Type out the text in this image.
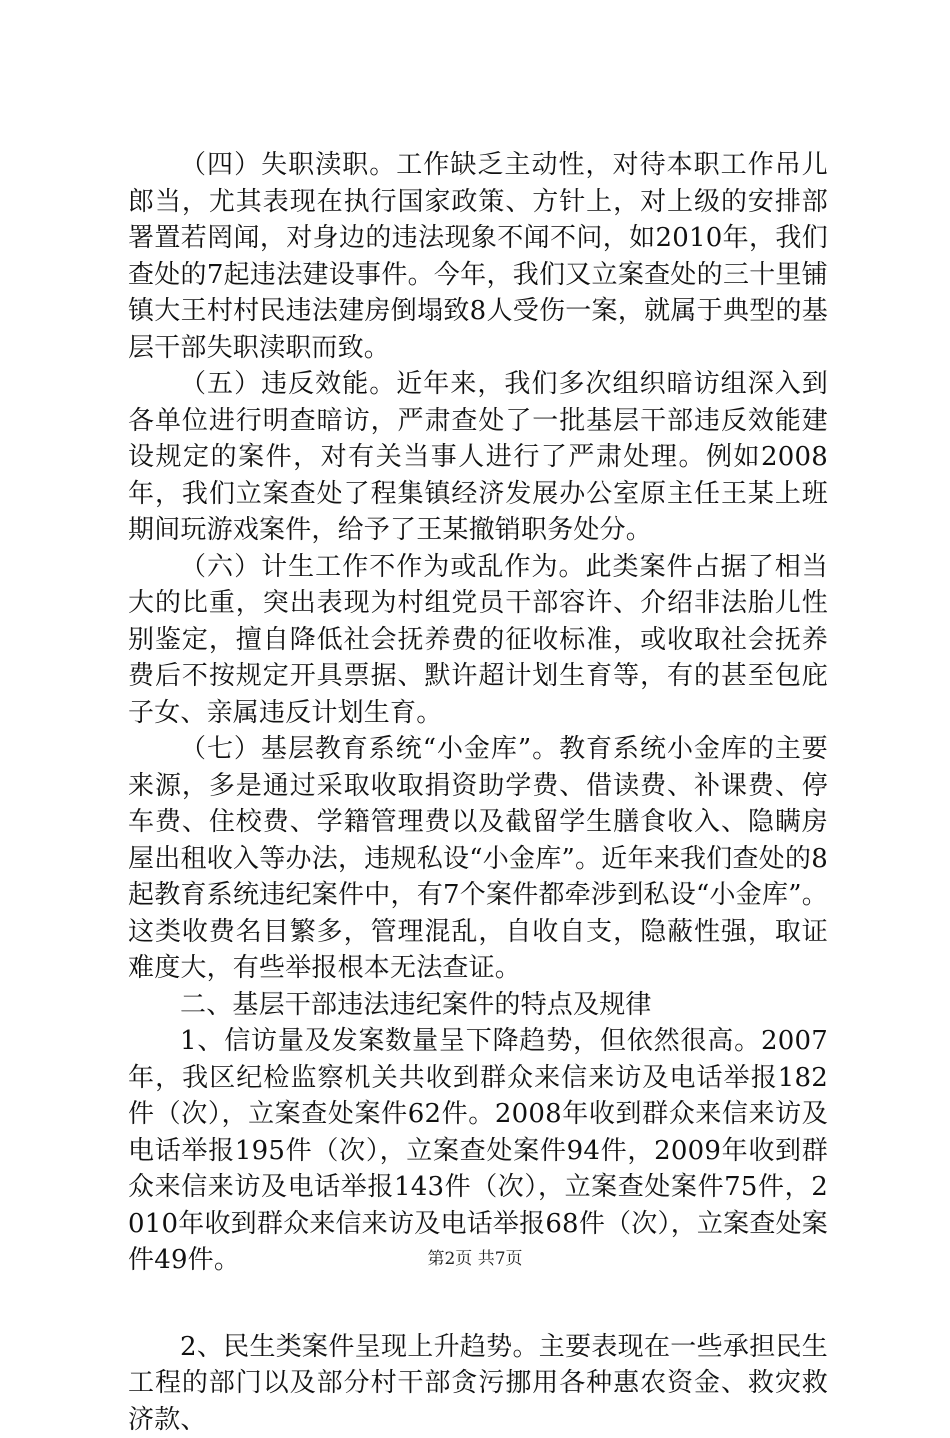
（四）失职渎职。工作缺乏主动性，对待本职工作吊儿郎当，尤其表现在执行国家政策、方针上，对上级的安排部署置若罔闻，对身边的违法现象不闻不问，如2010年，我们查处的7起违法建设事件。今年，我们又立案查处的三十里铺镇大王村村民违法建房倒塌致8人受伤一案，就属于典型的基层干部失职渎职而致。

（五）违反效能。近年来，我们多次组织暗访组深入到各单位进行明查暗访，严肃查处了一批基层干部违反效能建设规定的案件，对有关当事人进行了严肃处理。例如2008年，我们立案查处了程集镇经济发展办公室原主任王某上班期间玩游戏案件，给予了王某撤销职务处分。

（六）计生工作不作为或乱作为。此类案件占据了相当大的比重，突出表现为村组党员干部容许、介绍非法胎儿性别鉴定，擅自降低社会抚养费的征收标准，或收取社会抚养费后不按规定开具票据、默许超计划生育等，有的甚至包庇子女、亲属违反计划生育。

（七）基层教育系统“小金库”。教育系统小金库的主要来源，多是通过采取收取捐资助学费、借读费、补课费、停车费、住校费、学籍管理费以及截留学生膳食收入、隐瞒房屋出租收入等办法，违规私设“小金库”。近年来我们查处的8起教育系统违纪案件中，有7个案件都牵涉到私设“小金库”。这类收费名目繁多，管理混乱，自收自支，隐蔽性强，取证难度大，有些举报根本无法查证。

二、基层干部违法违纪案件的特点及规律

1、信访量及发案数量呈下降趋势，但依然很高。2007年，我区纪检监察机关共收到群众来信来访及电话举报182件（次），立案查处案件62件。2008年收到群众来信来访及电话举报195件（次），立案查处案件94件，2009年收到群众来信来访及电话举报143件（次），立案查处案件75件，2010年收到群众来信来访及电话举报68件（次），立案查处案件49件。

2、民生类案件呈现上升趋势。主要表现在一些承担民生工程的部门以及部分村干部贪污挪用各种惠农资金、救灾救济款、

第2页 共7页
